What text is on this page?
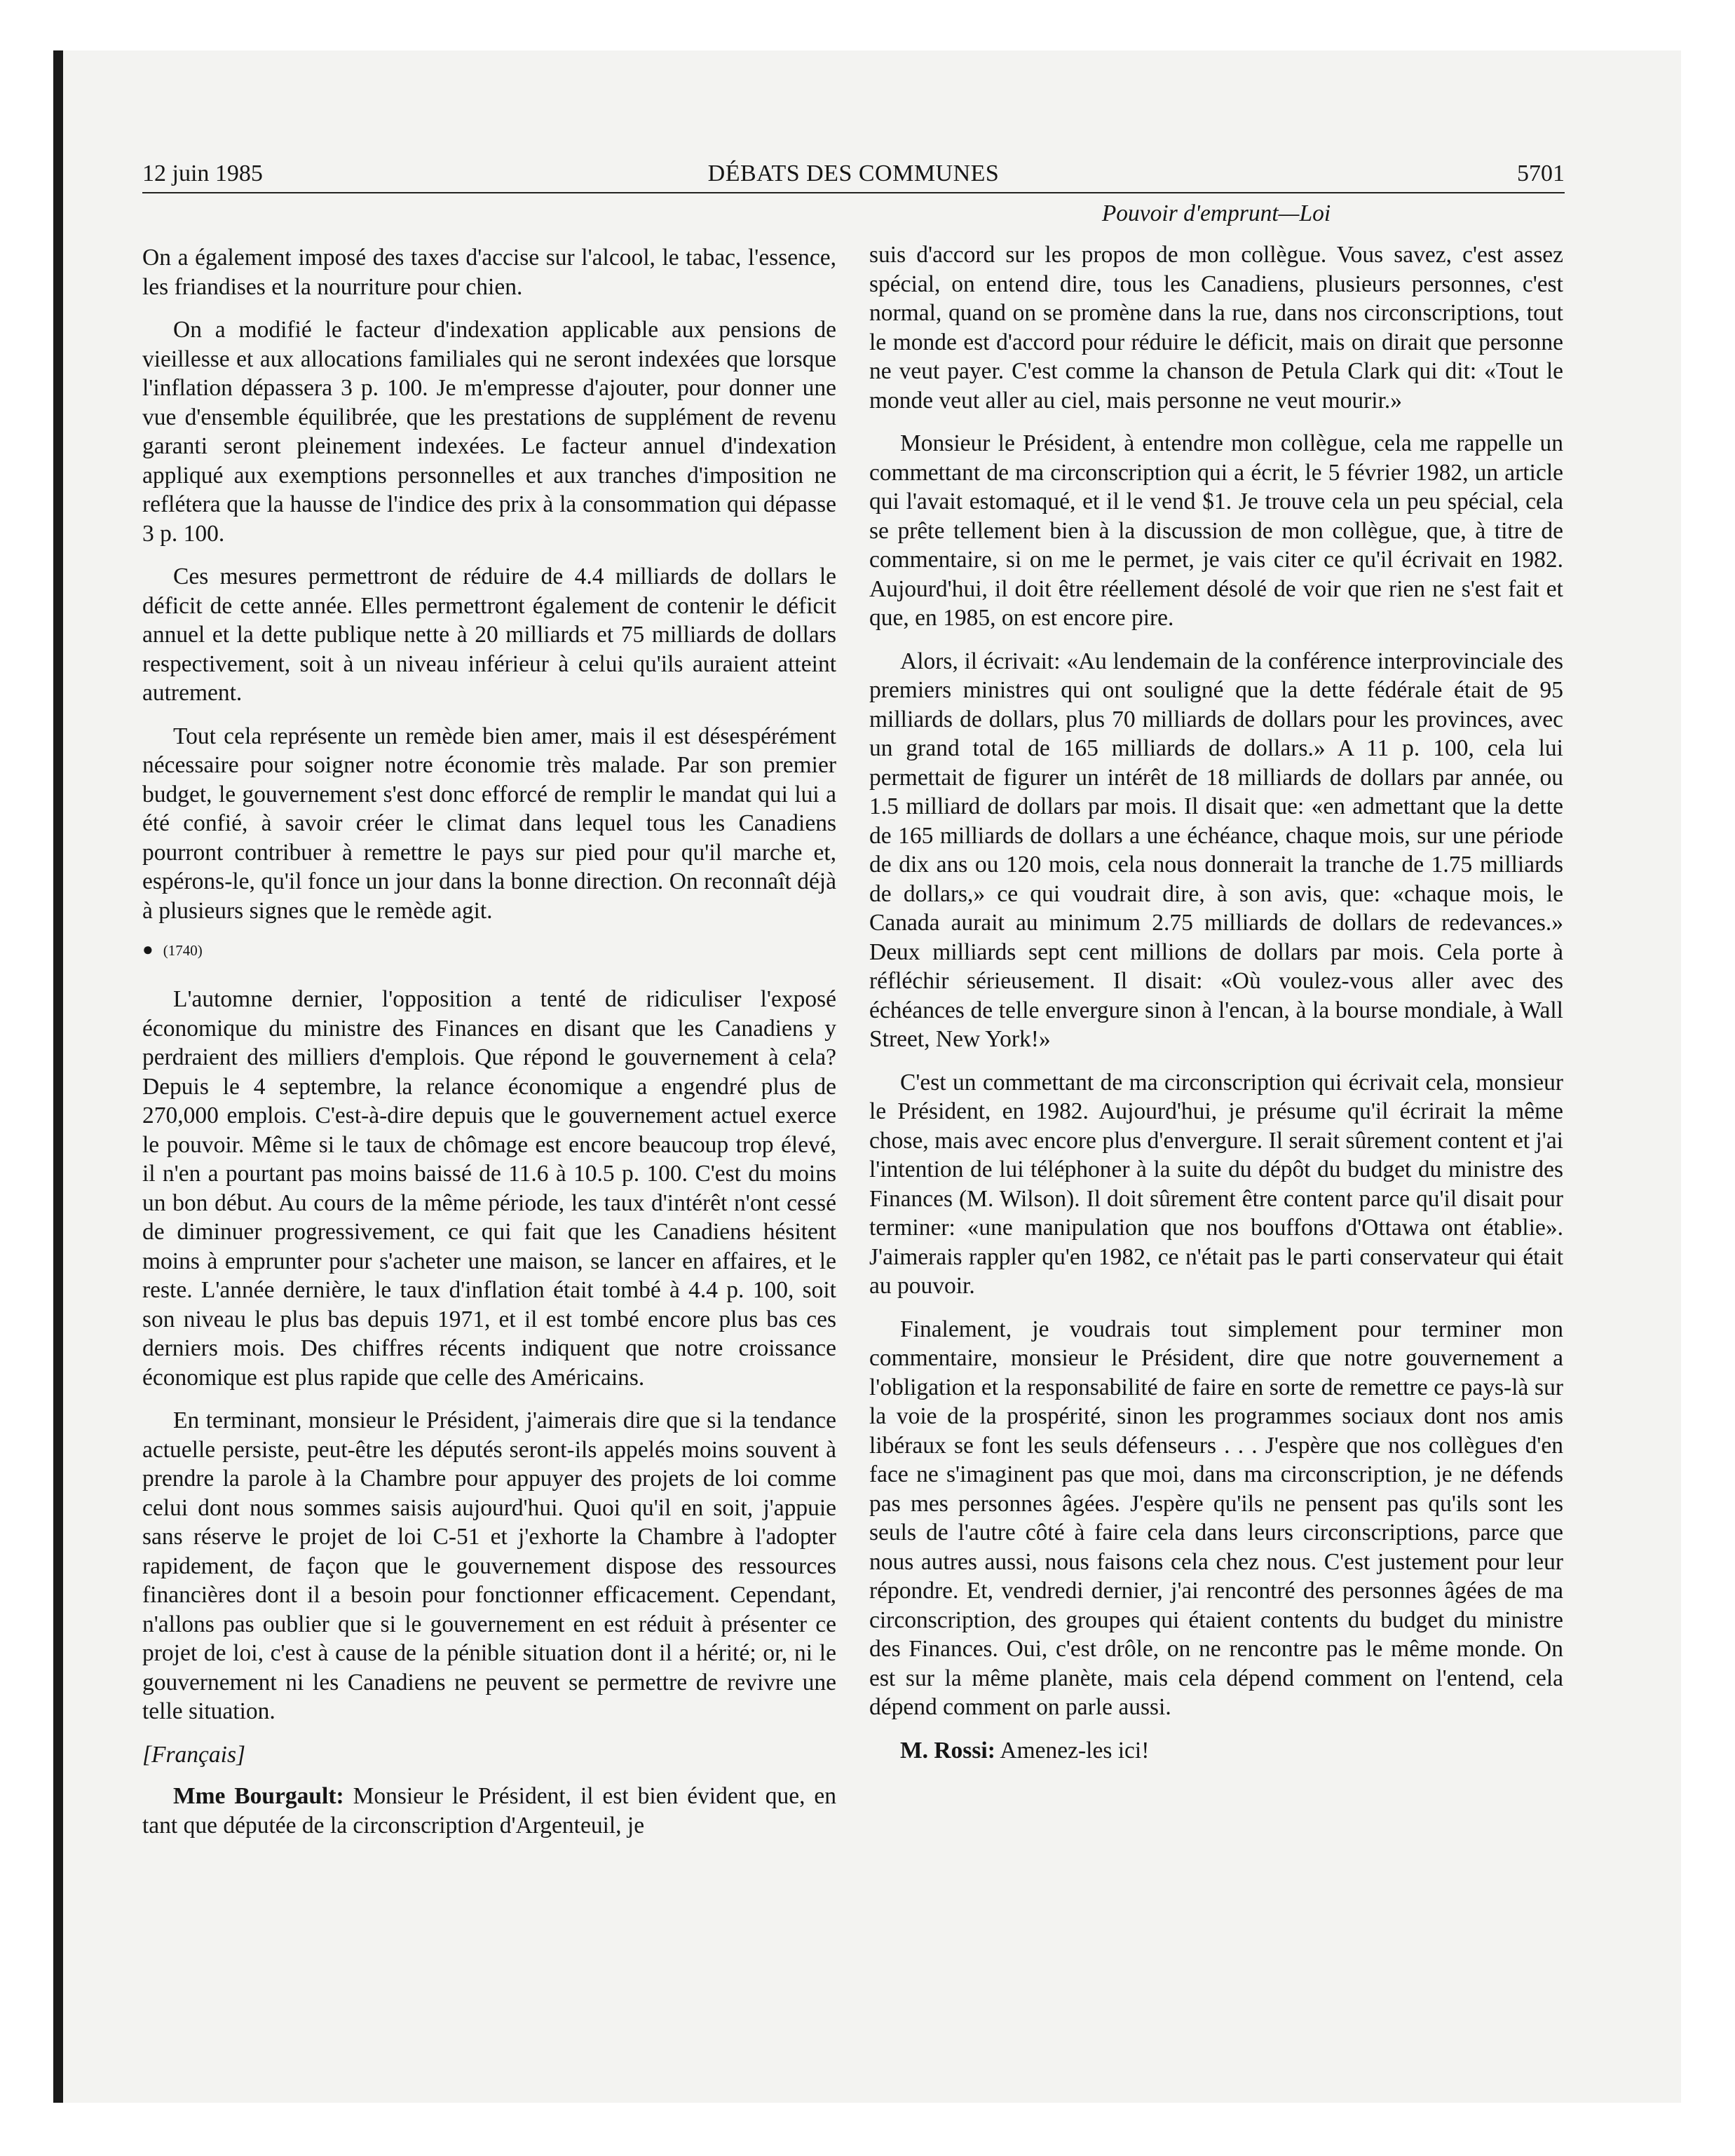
12 juin 1985	DÉBATS DES COMMUNES	5701

On a également imposé des taxes d'accise sur l'alcool, le tabac, l'essence, les friandises et la nourriture pour chien.

On a modifié le facteur d'indexation applicable aux pensions de vieillesse et aux allocations familiales qui ne seront indexées que lorsque l'inflation dépassera 3 p. 100. Je m'empresse d'ajouter, pour donner une vue d'ensemble équilibrée, que les prestations de supplément de revenu garanti seront pleinement indexées. Le facteur annuel d'indexation appliqué aux exemptions personnelles et aux tranches d'imposition ne reflétera que la hausse de l'indice des prix à la consommation qui dépasse 3 p. 100.

Ces mesures permettront de réduire de 4.4 milliards de dollars le déficit de cette année. Elles permettront également de contenir le déficit annuel et la dette publique nette à 20 milliards et 75 milliards de dollars respectivement, soit à un niveau inférieur à celui qu'ils auraient atteint autrement.

Tout cela représente un remède bien amer, mais il est désespérément nécessaire pour soigner notre économie très malade. Par son premier budget, le gouvernement s'est donc efforcé de remplir le mandat qui lui a été confié, à savoir créer le climat dans lequel tous les Canadiens pourront contribuer à remettre le pays sur pied pour qu'il marche et, espérons-le, qu'il fonce un jour dans la bonne direction. On reconnaît déjà à plusieurs signes que le remède agit.

● (1740)

L'automne dernier, l'opposition a tenté de ridiculiser l'exposé économique du ministre des Finances en disant que les Canadiens y perdraient des milliers d'emplois. Que répond le gouvernement à cela? Depuis le 4 septembre, la relance économique a engendré plus de 270,000 emplois. C'est-à-dire depuis que le gouvernement actuel exerce le pouvoir. Même si le taux de chômage est encore beaucoup trop élevé, il n'en a pourtant pas moins baissé de 11.6 à 10.5 p. 100. C'est du moins un bon début. Au cours de la même période, les taux d'intérêt n'ont cessé de diminuer progressivement, ce qui fait que les Canadiens hésitent moins à emprunter pour s'acheter une maison, se lancer en affaires, et le reste. L'année dernière, le taux d'inflation était tombé à 4.4 p. 100, soit son niveau le plus bas depuis 1971, et il est tombé encore plus bas ces derniers mois. Des chiffres récents indiquent que notre croissance économique est plus rapide que celle des Américains.

En terminant, monsieur le Président, j'aimerais dire que si la tendance actuelle persiste, peut-être les députés seront-ils appelés moins souvent à prendre la parole à la Chambre pour appuyer des projets de loi comme celui dont nous sommes saisis aujourd'hui. Quoi qu'il en soit, j'appuie sans réserve le projet de loi C-51 et j'exhorte la Chambre à l'adopter rapidement, de façon que le gouvernement dispose des ressources financières dont il a besoin pour fonctionner efficacement. Cependant, n'allons pas oublier que si le gouvernement en est réduit à présenter ce projet de loi, c'est à cause de la pénible situation dont il a hérité; or, ni le gouvernement ni les Canadiens ne peuvent se permettre de revivre une telle situation.

[Français]

Mme Bourgault: Monsieur le Président, il est bien évident que, en tant que députée de la circonscription d'Argenteuil, je

Pouvoir d'emprunt—Loi

suis d'accord sur les propos de mon collègue. Vous savez, c'est assez spécial, on entend dire, tous les Canadiens, plusieurs personnes, c'est normal, quand on se promène dans la rue, dans nos circonscriptions, tout le monde est d'accord pour réduire le déficit, mais on dirait que personne ne veut payer. C'est comme la chanson de Petula Clark qui dit: «Tout le monde veut aller au ciel, mais personne ne veut mourir.»

Monsieur le Président, à entendre mon collègue, cela me rappelle un commettant de ma circonscription qui a écrit, le 5 février 1982, un article qui l'avait estomaqué, et il le vend $1. Je trouve cela un peu spécial, cela se prête tellement bien à la discussion de mon collègue, que, à titre de commentaire, si on me le permet, je vais citer ce qu'il écrivait en 1982. Aujourd'hui, il doit être réellement désolé de voir que rien ne s'est fait et que, en 1985, on est encore pire.

Alors, il écrivait: «Au lendemain de la conférence interprovinciale des premiers ministres qui ont souligné que la dette fédérale était de 95 milliards de dollars, plus 70 milliards de dollars pour les provinces, avec un grand total de 165 milliards de dollars.» A 11 p. 100, cela lui permettait de figurer un intérêt de 18 milliards de dollars par année, ou 1.5 milliard de dollars par mois. Il disait que: «en admettant que la dette de 165 milliards de dollars a une échéance, chaque mois, sur une période de dix ans ou 120 mois, cela nous donnerait la tranche de 1.75 milliards de dollars,» ce qui voudrait dire, à son avis, que: «chaque mois, le Canada aurait au minimum 2.75 milliards de dollars de redevances.» Deux milliards sept cent millions de dollars par mois. Cela porte à réfléchir sérieusement. Il disait: «Où voulez-vous aller avec des échéances de telle envergure sinon à l'encan, à la bourse mondiale, à Wall Street, New York!»

C'est un commettant de ma circonscription qui écrivait cela, monsieur le Président, en 1982. Aujourd'hui, je présume qu'il écrirait la même chose, mais avec encore plus d'envergure. Il serait sûrement content et j'ai l'intention de lui téléphoner à la suite du dépôt du budget du ministre des Finances (M. Wilson). Il doit sûrement être content parce qu'il disait pour terminer: «une manipulation que nos bouffons d'Ottawa ont établie». J'aimerais rappler qu'en 1982, ce n'était pas le parti conservateur qui était au pouvoir.

Finalement, je voudrais tout simplement pour terminer mon commentaire, monsieur le Président, dire que notre gouvernement a l'obligation et la responsabilité de faire en sorte de remettre ce pays-là sur la voie de la prospérité, sinon les programmes sociaux dont nos amis libéraux se font les seuls défenseurs . . . J'espère que nos collègues d'en face ne s'imaginent pas que moi, dans ma circonscription, je ne défends pas mes personnes âgées. J'espère qu'ils ne pensent pas qu'ils sont les seuls de l'autre côté à faire cela dans leurs circonscriptions, parce que nous autres aussi, nous faisons cela chez nous. C'est justement pour leur répondre. Et, vendredi dernier, j'ai rencontré des personnes âgées de ma circonscription, des groupes qui étaient contents du budget du ministre des Finances. Oui, c'est drôle, on ne rencontre pas le même monde. On est sur la même planète, mais cela dépend comment on l'entend, cela dépend comment on parle aussi.

M. Rossi: Amenez-les ici!
